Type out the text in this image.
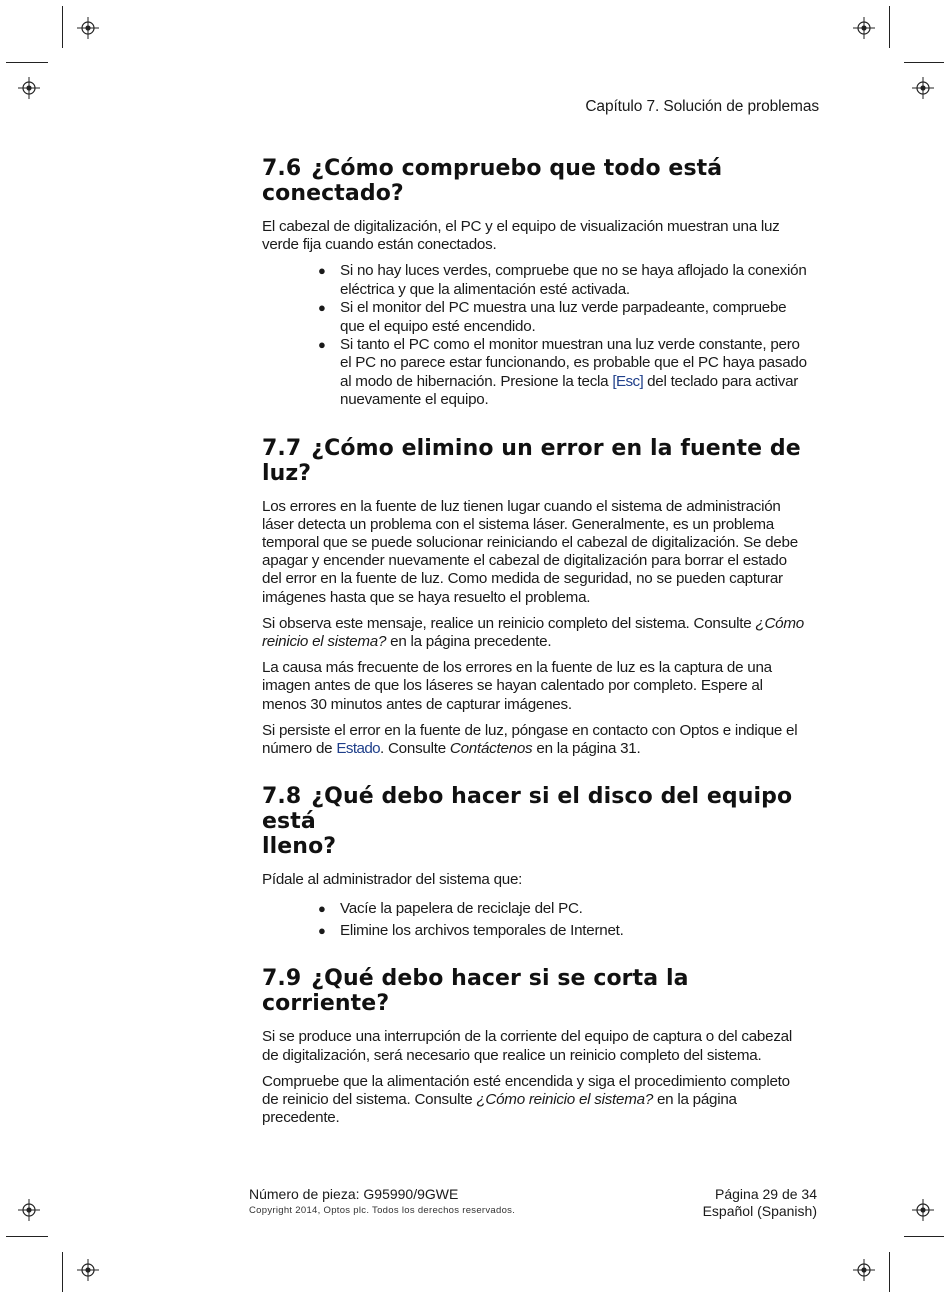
Capítulo 7. Solución de problemas
7.6 ¿Cómo compruebo que todo está
conectado?

El cabezal de digitalización, el PC y el equipo de visualización muestran una luz verde fija cuando están conectados.

● Si no hay luces verdes, compruebe que no se haya aflojado la conexión eléctrica y que la alimentación esté activada.
● Si el monitor del PC muestra una luz verde parpadeante, compruebe que el equipo esté encendido.
● Si tanto el PC como el monitor muestran una luz verde constante, pero el PC no parece estar funcionando, es probable que el PC haya pasado al modo de hibernación. Presione la tecla [Esc] del teclado para activar nuevamente el equipo.
7.7 ¿Cómo elimino un error en la fuente de
luz?

Los errores en la fuente de luz tienen lugar cuando el sistema de administración láser detecta un problema con el sistema láser. Generalmente, es un problema temporal que se puede solucionar reiniciando el cabezal de digitalización. Se debe apagar y encender nuevamente el cabezal de digitalización para borrar el estado del error en la fuente de luz. Como medida de seguridad, no se pueden capturar imágenes hasta que se haya resuelto el problema.

Si observa este mensaje, realice un reinicio completo del sistema. Consulte ¿Cómo reinicio el sistema? en la página precedente.

La causa más frecuente de los errores en la fuente de luz es la captura de una imagen antes de que los láseres se hayan calentado por completo. Espere al menos 30 minutos antes de capturar imágenes.

Si persiste el error en la fuente de luz, póngase en contacto con Optos e indique el número de Estado. Consulte Contáctenos en la página 31.

7.8 ¿Qué debo hacer si el disco del equipo está
lleno?

Pídale al administrador del sistema que:

● Vacíe la papelera de reciclaje del PC.
● Elimine los archivos temporales de Internet.
7.9 ¿Qué debo hacer si se corta la corriente?

Si se produce una interrupción de la corriente del equipo de captura o del cabezal de digitalización, será necesario que realice un reinicio completo del sistema.

Compruebe que la alimentación esté encendida y siga el procedimiento completo de reinicio del sistema. Consulte ¿Cómo reinicio el sistema? en la página precedente.

Número de pieza: G95990/9GWE
Copyright 2014, Optos plc. Todos los derechos reservados.
Página 29 de 34
Español (Spanish)
